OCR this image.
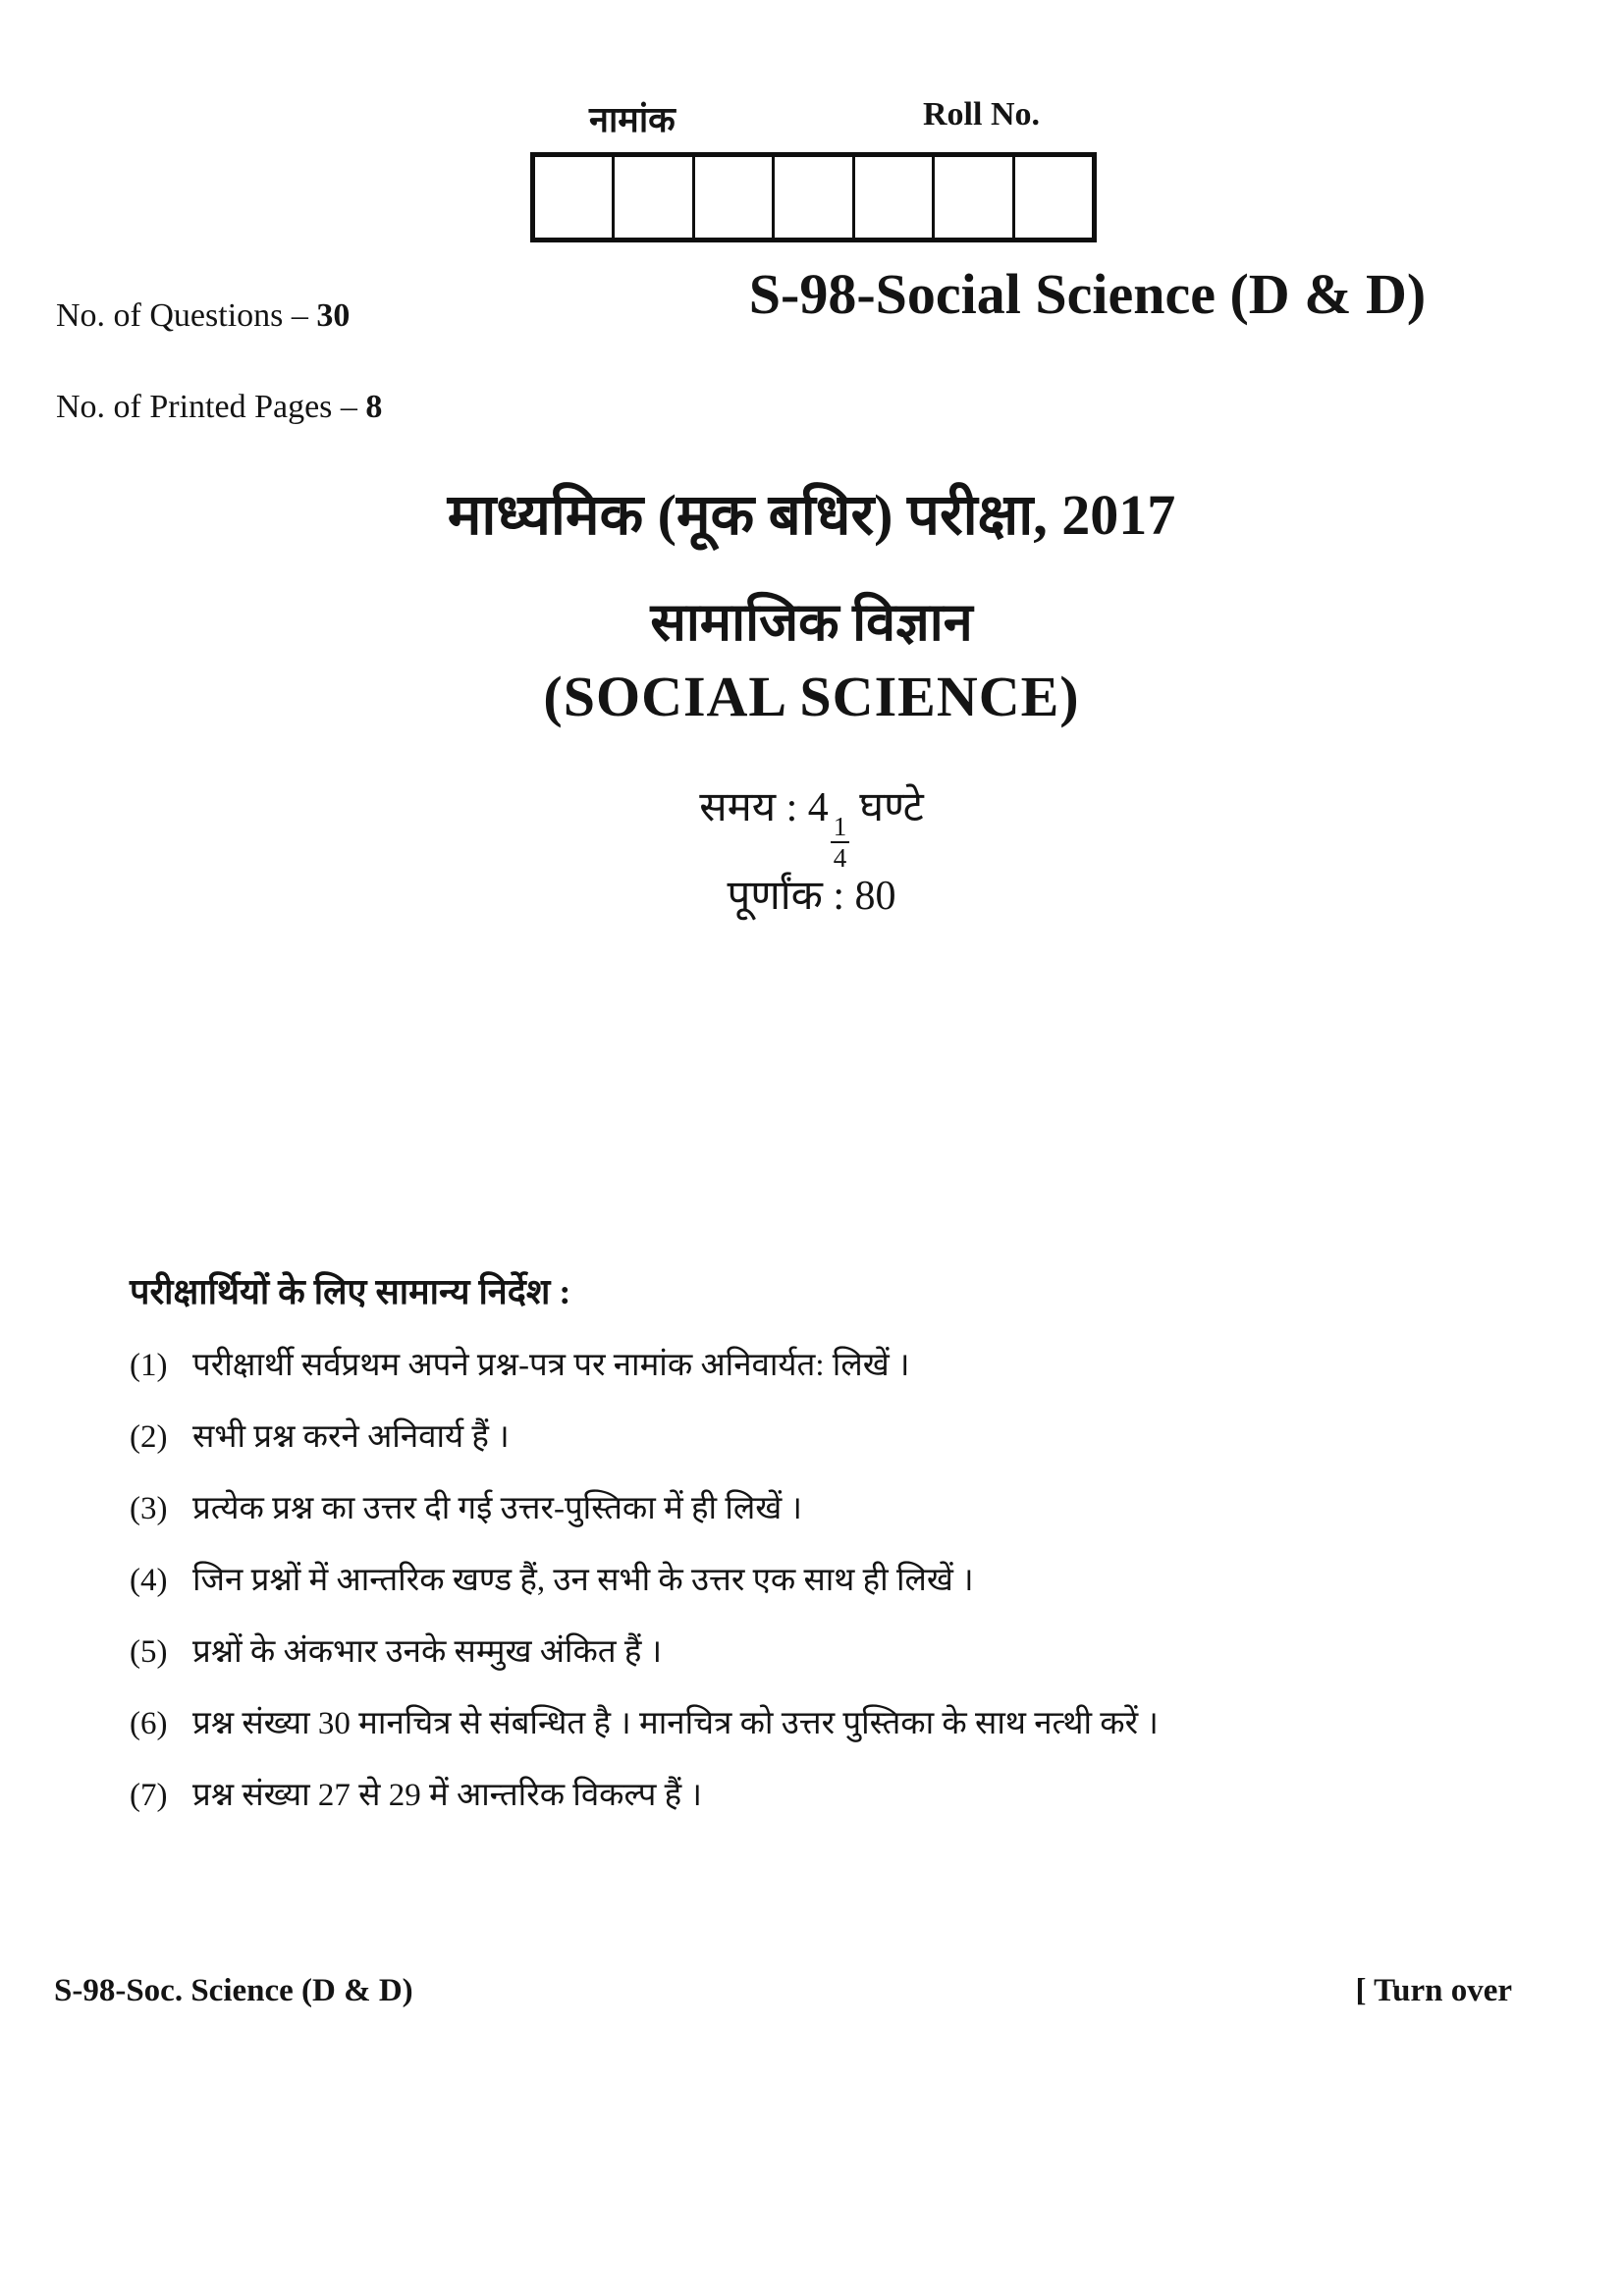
नामांक	Roll No.
No. of Questions – 30	S-98-Social Science (D & D)
No. of Printed Pages – 8
माध्यमिक (मूक बधिर) परीक्षा, 2017
सामाजिक विज्ञान
(SOCIAL SCIENCE)
समय : 4
$\frac{1}{4}$
घण्टे
पूर्णांक : 80
परीक्षार्थियों के लिए सामान्य निर्देश :
(1) परीक्षार्थी सर्वप्रथम अपने प्रश्न-पत्र पर नामांक अनिवार्यत: लिखें ।
(2) सभी प्रश्न करने अनिवार्य हैं ।
(3) प्रत्येक प्रश्न का उत्तर दी गई उत्तर-पुस्तिका में ही लिखें ।
(4) जिन प्रश्नों में आन्तरिक खण्ड हैं, उन सभी के उत्तर एक साथ ही लिखें ।
(5) प्रश्नों के अंकभार उनके सम्मुख अंकित हैं ।
(6) प्रश्न संख्या 30 मानचित्र से संबन्धित है । मानचित्र को उत्तर पुस्तिका के साथ नत्थी करें ।
(7) प्रश्न संख्या 27 से 29 में आन्तरिक विकल्प हैं ।
S-98-Soc. Science (D & D)	[ Turn over
